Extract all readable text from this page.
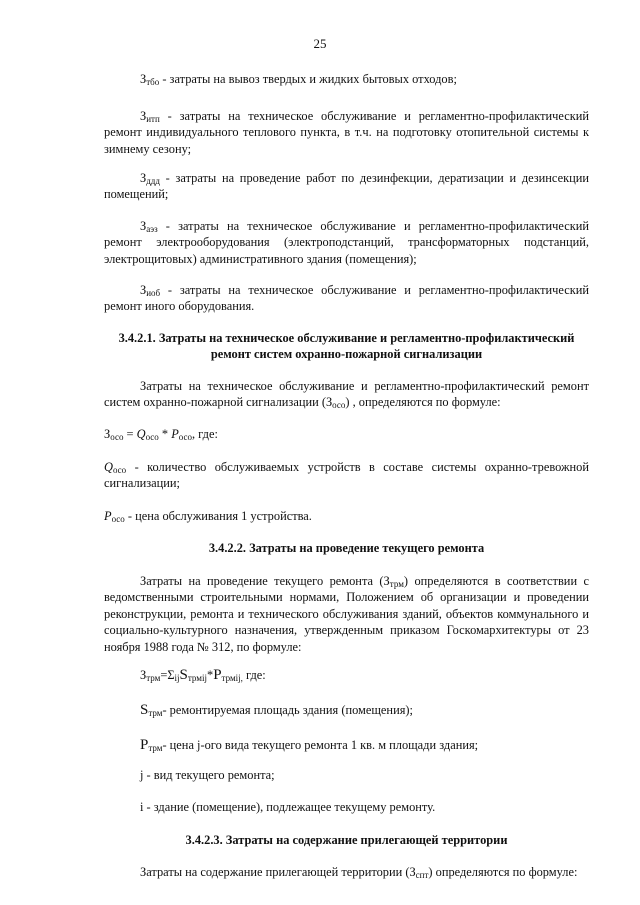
25
$З_{тбо}$ - затраты на вывоз твердых и жидких бытовых отходов;
$З_{итп}$ - затраты на техническое обслуживание и регламентно-профилактический ремонт индивидуального теплового пункта, в т.ч. на подготовку отопительной системы к зимнему сезону;
$З_{ддд}$ - затраты на проведение работ по дезинфекции, дератизации и дезинсекции помещений;
$З_{аэз}$ - затраты на техническое обслуживание и регламентно-профилактический ремонт электрооборудования (электроподстанций, трансформаторных подстанций, электрощитовых) административного здания (помещения);
$З_{иоб}$ - затраты на техническое обслуживание и регламентно-профилактический ремонт иного оборудования.
3.4.2.1. Затраты на техническое обслуживание и регламентно-профилактический ремонт систем охранно-пожарной сигнализации
Затраты на техническое обслуживание и регламентно-профилактический ремонт систем охранно-пожарной сигнализации $(З_{осо})$ , определяются по формуле:
$З_{осо} = Q_{осо} * P_{осо}$, где:
$Q_{осо}$ - количество обслуживаемых устройств в составе системы охранно-тревожной сигнализации;
$P_{осо}$ - цена обслуживания 1 устройства.
3.4.2.2. Затраты на проведение текущего ремонта
Затраты на проведение текущего ремонта $(З_{трм})$ определяются в соответствии с ведомственными строительными нормами, Положением об организации и проведении реконструкции, ремонта и технического обслуживания зданий, объектов коммунального и социально-культурного назначения, утвержденным приказом Госкомархитектуры от 23 ноября 1988 года № 312, по формуле:
$З_{трм}=\Sigma_{ij}S_{трмij}*P_{трмij,}$ где:
$S_{трм}-$ ремонтируемая площадь здания (помещения);
$P_{трм}-$ цена j-ого вида текущего ремонта 1 кв. м площади здания;
j - вид текущего ремонта;
i - здание (помещение), подлежащее текущему ремонту.
3.4.2.3. Затраты на содержание прилегающей территории
Затраты на содержание прилегающей территории $(З_{спт})$ определяются по формуле:
